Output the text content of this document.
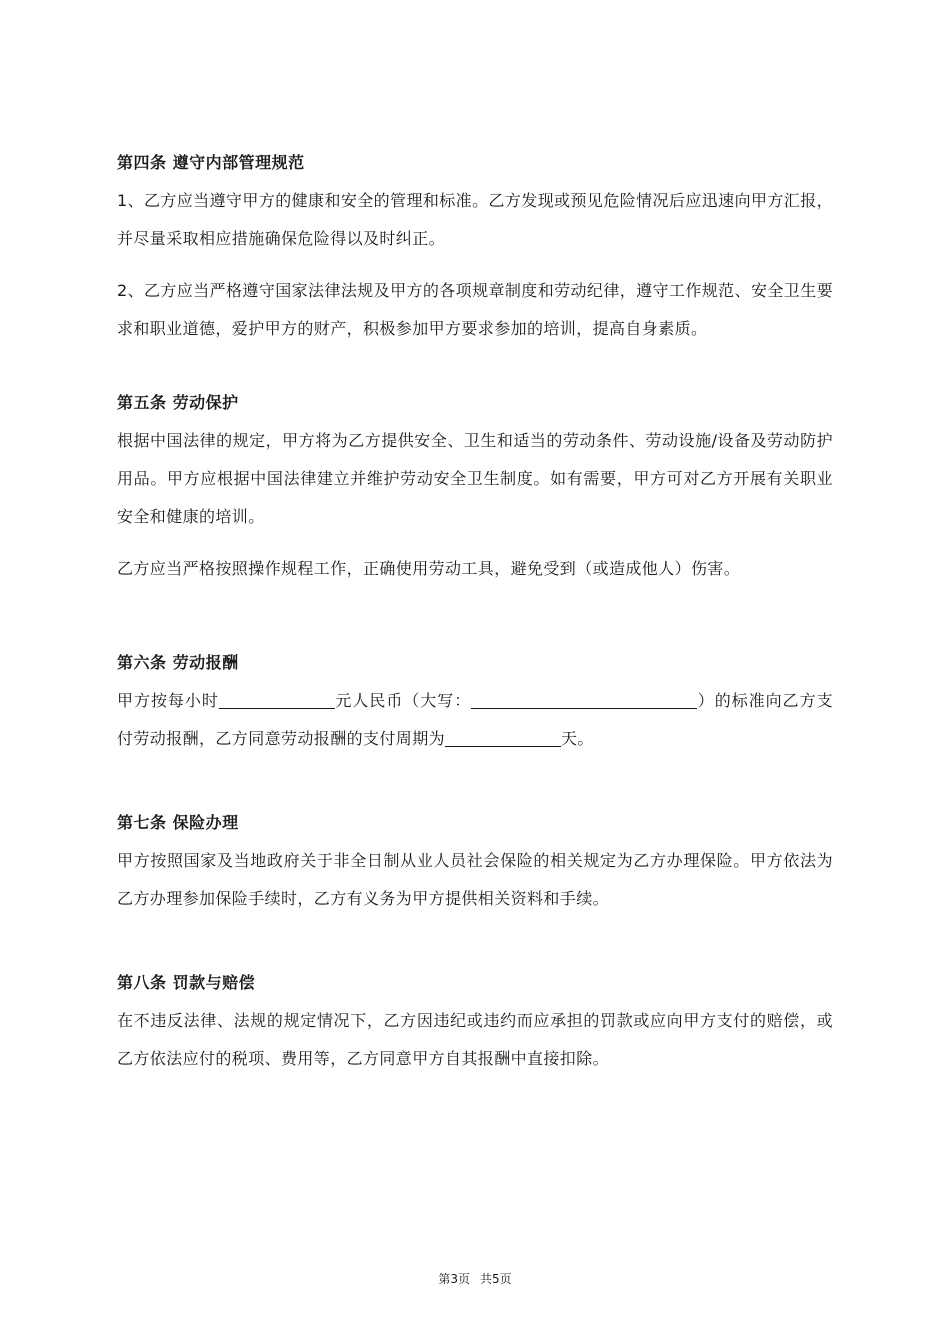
第四条 遵守内部管理规范

1、乙方应当遵守甲方的健康和安全的管理和标准。乙方发现或预见危险情况后应迅速向甲方汇报，并尽量采取相应措施确保危险得以及时纠正。

2、乙方应当严格遵守国家法律法规及甲方的各项规章制度和劳动纪律，遵守工作规范、安全卫生要求和职业道德，爱护甲方的财产，积极参加甲方要求参加的培训，提高自身素质。

第五条 劳动保护

根据中国法律的规定，甲方将为乙方提供安全、卫生和适当的劳动条件、劳动设施/设备及劳动防护用品。甲方应根据中国法律建立并维护劳动安全卫生制度。如有需要，甲方可对乙方开展有关职业安全和健康的培训。

乙方应当严格按照操作规程工作，正确使用劳动工具，避免受到（或造成他人）伤害。

第六条 劳动报酬

甲方按每小时	元人民币（大写：	）的标准向乙方支付劳动报酬，乙方同意劳动报酬的支付周期为	天。

第七条 保险办理

甲方按照国家及当地政府关于非全日制从业人员社会保险的相关规定为乙方办理保险。甲方依法为乙方办理参加保险手续时，乙方有义务为甲方提供相关资料和手续。

第八条 罚款与赔偿

在不违反法律、法规的规定情况下，乙方因违纪或违约而应承担的罚款或应向甲方支付的赔偿，或乙方依法应付的税项、费用等，乙方同意甲方自其报酬中直接扣除。

第3页 共5页
